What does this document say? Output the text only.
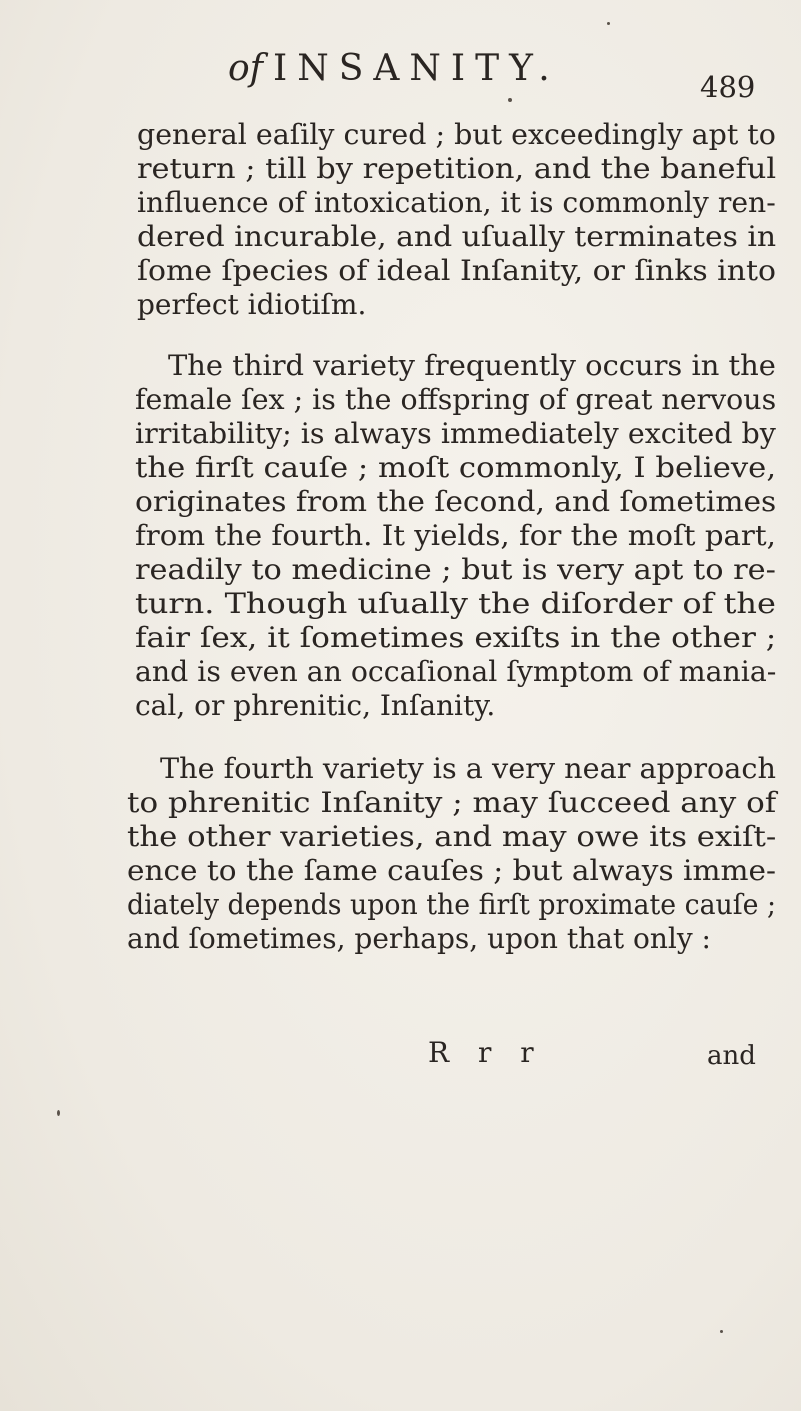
of INSANITY.	489
general eaſily cured ; but exceedingly apt to
return ; till by repetition, and the baneful
influence of intoxication, it is commonly ren-
dered incurable, and uſually terminates in
ſome ſpecies of ideal Inſanity, or ſinks into
perfect idiotiſm.
The third variety frequently occurs in the
female ſex ; is the offspring of great nervous
irritability; is always immediately excited by
the firſt cauſe ; moſt commonly, I believe,
originates from the ſecond, and ſometimes
from the fourth. It yields, for the moſt part,
readily to medicine ; but is very apt to re-
turn. Though uſually the diſorder of the
fair ſex, it ſometimes exiſts in the other ;
and is even an occaſional ſymptom of mania-
cal, or phrenitic, Inſanity.
The fourth variety is a very near approach
to phrenitic Inſanity ; may ſucceed any of
the other varieties, and may owe its exiſt-
ence to the ſame cauſes ; but always imme-
diately depends upon the firſt proximate cauſe ;
and ſometimes, perhaps, upon that only :
R r r	and
